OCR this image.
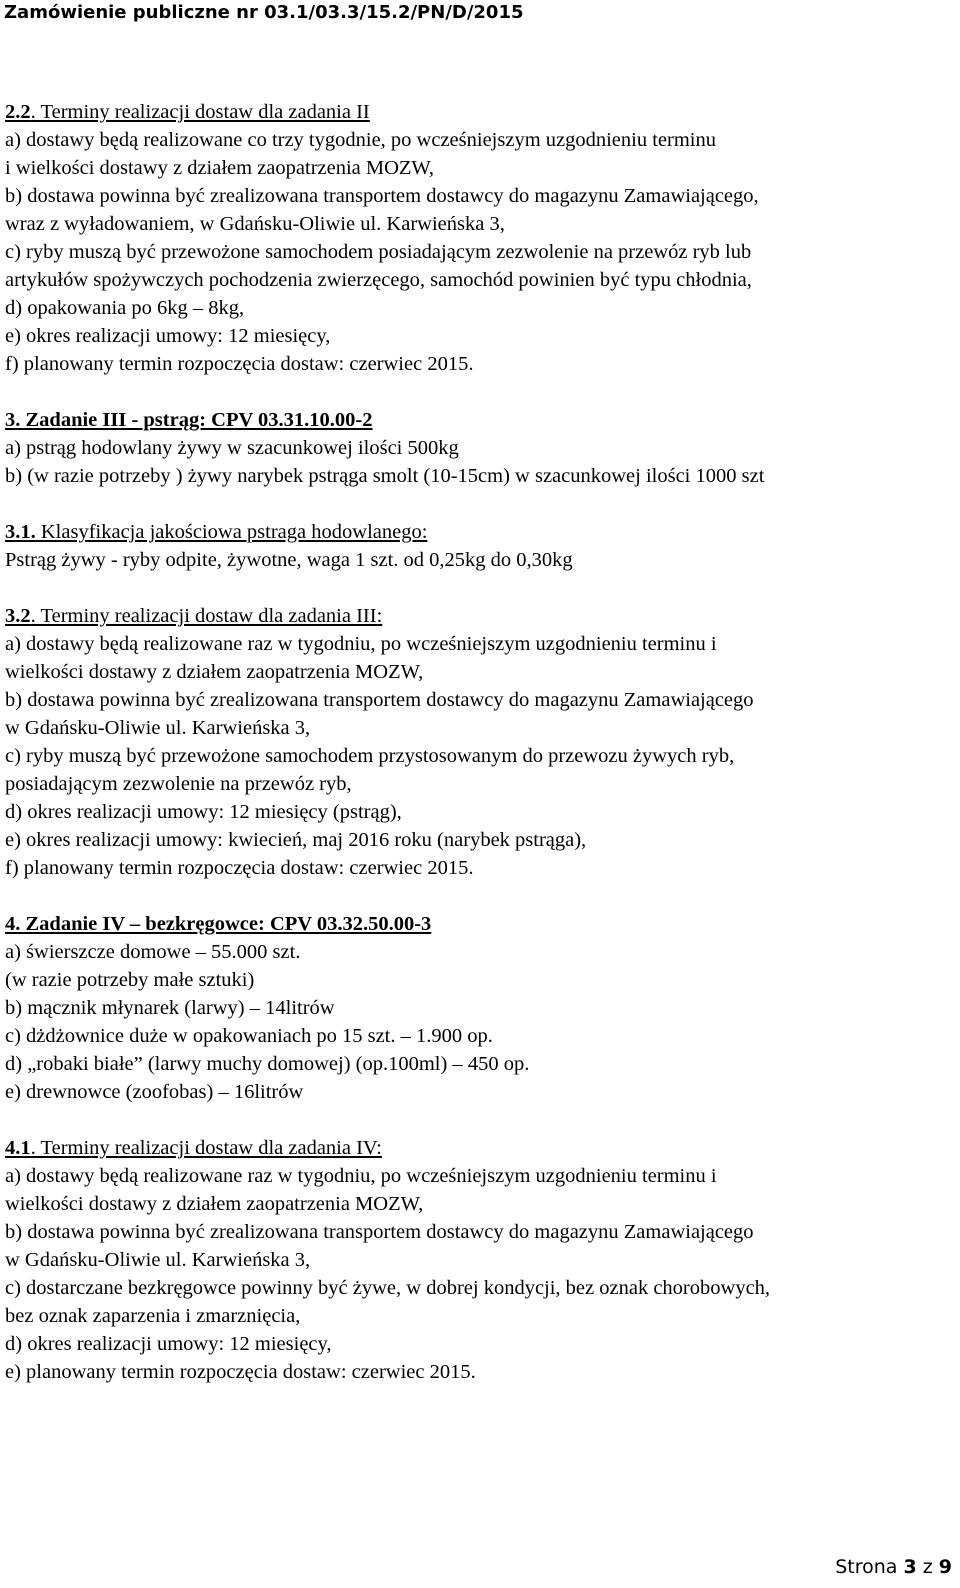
Zamówienie publiczne nr 03.1/03.3/15.2/PN/D/2015
2.2. Terminy realizacji dostaw dla zadania II
a) dostawy będą realizowane co trzy tygodnie, po wcześniejszym uzgodnieniu terminu
i wielkości dostawy z działem zaopatrzenia MOZW,
b) dostawa powinna być zrealizowana transportem dostawcy do magazynu Zamawiającego,
wraz z wyładowaniem, w Gdańsku-Oliwie ul. Karwieńska 3,
c) ryby muszą być przewożone samochodem posiadającym zezwolenie na przewóz ryb lub
artykułów spożywczych pochodzenia zwierzęcego, samochód powinien być typu chłodnia,
d) opakowania po 6kg – 8kg,
e) okres realizacji umowy: 12 miesięcy,
f) planowany termin rozpoczęcia dostaw: czerwiec 2015.
3. Zadanie III - pstrąg: CPV 03.31.10.00-2
a) pstrąg hodowlany żywy w szacunkowej ilości 500kg
b) (w razie potrzeby ) żywy narybek pstrąga smolt (10-15cm) w szacunkowej ilości 1000 szt
3.1. Klasyfikacja jakościowa pstraga hodowlanego:
Pstrąg żywy - ryby odpite, żywotne, waga 1 szt. od 0,25kg do 0,30kg
3.2. Terminy realizacji dostaw dla zadania III:
a) dostawy będą realizowane raz w tygodniu, po wcześniejszym uzgodnieniu terminu i
wielkości dostawy z działem zaopatrzenia MOZW,
b) dostawa powinna być zrealizowana transportem dostawcy do magazynu Zamawiającego
w Gdańsku-Oliwie ul. Karwieńska 3,
c) ryby muszą być przewożone samochodem przystosowanym do przewozu żywych ryb,
posiadającym zezwolenie na przewóz ryb,
d) okres realizacji umowy: 12 miesięcy (pstrąg),
e) okres realizacji umowy: kwiecień, maj 2016 roku (narybek pstrąga),
f) planowany termin rozpoczęcia dostaw: czerwiec 2015.
4. Zadanie IV – bezkręgowce: CPV 03.32.50.00-3
a) świerszcze domowe – 55.000 szt.
(w razie potrzeby małe sztuki)
b) mącznik młynarek (larwy) – 14litrów
c) dżdżownice duże w opakowaniach po 15 szt. – 1.900 op.
d) „robaki białe” (larwy muchy domowej) (op.100ml) – 450 op.
e) drewnowce (zoofobas) – 16litrów
4.1. Terminy realizacji dostaw dla zadania IV:
a) dostawy będą realizowane raz w tygodniu, po wcześniejszym uzgodnieniu terminu i
wielkości dostawy z działem zaopatrzenia MOZW,
b) dostawa powinna być zrealizowana transportem dostawcy do magazynu Zamawiającego
w Gdańsku-Oliwie ul. Karwieńska 3,
c) dostarczane bezkręgowce powinny być żywe, w dobrej kondycji, bez oznak chorobowych,
bez oznak zaparzenia i zmarznięcia,
d) okres realizacji umowy: 12 miesięcy,
e) planowany termin rozpoczęcia dostaw: czerwiec 2015.
Strona 3 z 9
